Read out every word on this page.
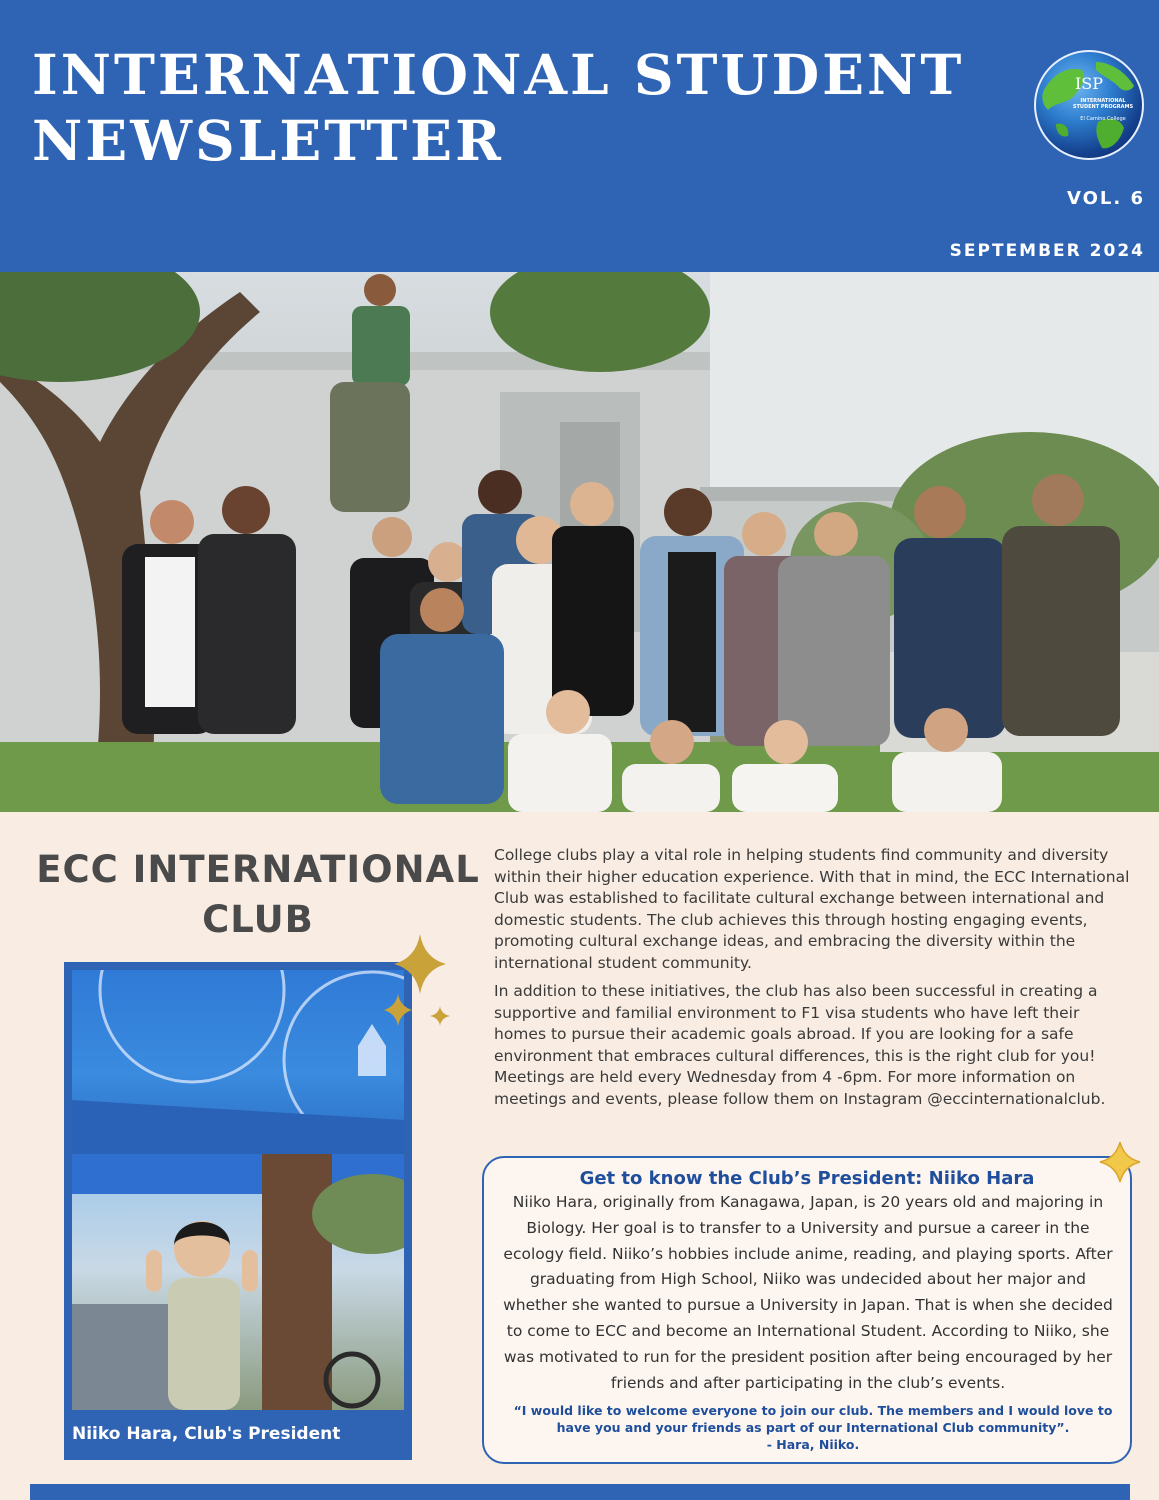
INTERNATIONAL STUDENT
NEWSLETTER
ISP
INTERNATIONAL STUDENT PROGRAMS
El Camino College
VOL. 6
SEPTEMBER 2024
ECC INTERNATIONAL
CLUB
Niiko Hara, Club's President

College clubs play a vital role in helping students find community and diversity within their higher education experience. With that in mind, the ECC International Club was established to facilitate cultural exchange between international and domestic students. The club achieves this through hosting engaging events, promoting cultural exchange ideas, and embracing the diversity within the international student community.

In addition to these initiatives, the club has also been successful in creating a supportive and familial environment to F1 visa students who have left their homes to pursue their academic goals abroad. If you are looking for a safe environment that embraces cultural differences, this is the right club for you! Meetings are held every Wednesday from 4 -6pm. For more information on meetings and events, please follow them on Instagram @eccinternationalclub.

Get to know the Club’s President: Niiko Hara
Niiko Hara, originally from Kanagawa, Japan, is 20 years old and majoring in Biology. Her goal is to transfer to a University and pursue a career in the ecology field. Niiko’s hobbies include anime, reading, and playing sports. After graduating from High School, Niiko was undecided about her major and whether she wanted to pursue a University in Japan. That is when she decided to come to ECC and become an International Student. According to Niiko, she was motivated to run for the president position after being encouraged by her friends and after participating in the club’s events.
“I would like to welcome everyone to join our club. The members and I would love to have you and your friends as part of our International Club community”.
- Hara, Niiko.
